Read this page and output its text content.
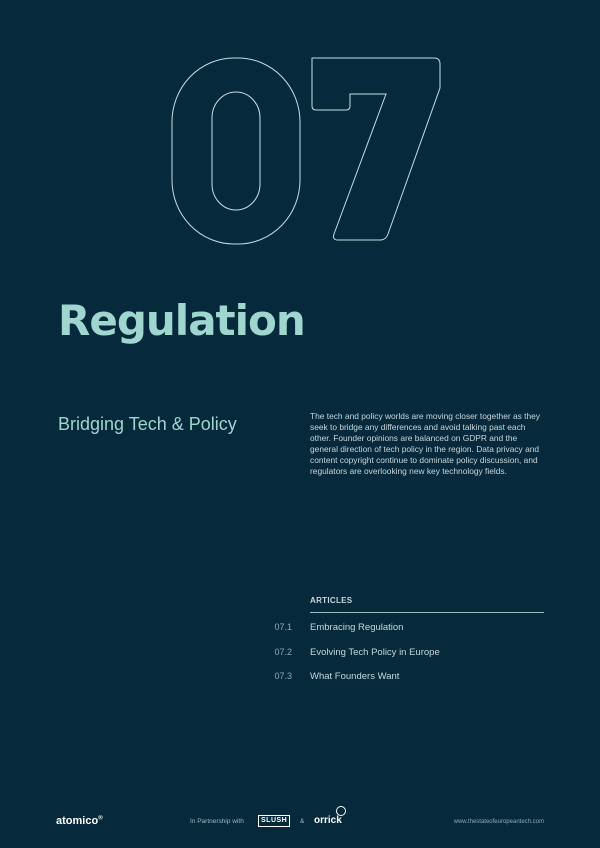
Regulation
Bridging Tech & Policy	The tech and policy worlds are moving closer together as they seek to bridge any differences and avoid talking past each other. Founder opinions are balanced on GDPR and the general direction of tech policy in the region. Data privacy and content copyright continue to dominate policy discussion, and regulators are overlooking new key technology fields.
ARTICLES
07.1 Embracing Regulation
07.2 Evolving Tech Policy in Europe
07.3 What Founders Want
atomico®	In Partnership with	SLUSH	& orrick	www.thestateofeuropeantech.com
